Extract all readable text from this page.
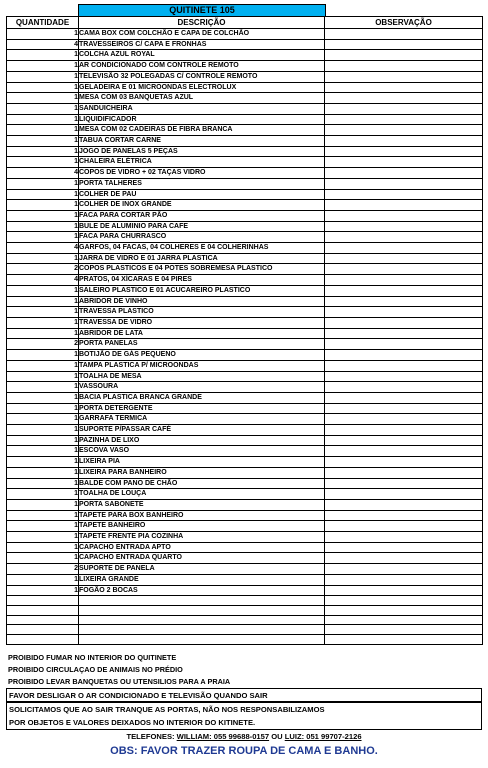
QUITINETE 105
QUANTIDADE	DESCRIÇÃO	OBSERVAÇÃO
1	CAMA BOX COM COLCHÃO E CAPA DE COLCHÃO	
4	TRAVESSEIROS C/ CAPA E FRONHAS	
1	COLCHA AZUL ROYAL	
1	AR CONDICIONADO COM CONTROLE REMOTO	
1	TELEVISÃO 32 POLEGADAS C/ CONTROLE REMOTO	
1	GELADEIRA E 01 MICROONDAS ELECTROLUX	
1	MESA COM 03 BANQUETAS AZUL	
1	SANDUICHEIRA	
1	LIQUIDIFICADOR	
1	MESA COM 02 CADEIRAS DE FIBRA BRANCA	
1	TABUA CORTAR CARNE	
1	JOGO DE PANELAS 5 PEÇAS	
1	CHALEIRA ELÉTRICA	
4	COPOS DE VIDRO + 02 TAÇAS VIDRO	
1	PORTA TALHERES	
1	COLHER DE PAU	
1	COLHER DE INOX GRANDE	
1	FACA PARA CORTAR PÃO	
1	BULE DE ALUMINIO PARA CAFE	
1	FACA PARA CHURRASCO	
4	GARFOS, 04 FACAS, 04 COLHERES E 04 COLHERINHAS	
1	JARRA DE VIDRO E 01 JARRA PLASTICA	
2	COPOS PLASTICOS E 04 POTES SOBREMESA PLASTICO	
4	PRATOS, 04 XÍCARAS E 04 PIRES	
1	SALEIRO PLASTICO E 01 ACUCAREIRO PLASTICO	
1	ABRIDOR DE VINHO	
1	TRAVESSA PLASTICO	
1	TRAVESSA DE VIDRO	
1	ABRIDOR DE LATA	
2	PORTA PANELAS	
1	BOTIJÃO DE GÁS PEQUENO	
1	TAMPA PLASTICA P/ MICROONDAS	
1	TOALHA DE MESA	
1	VASSOURA	
1	BACIA PLASTICA BRANCA GRANDE	
1	PORTA DETERGENTE	
1	GARRAFA TERMICA	
1	SUPORTE P/PASSAR CAFÉ	
1	PAZINHA DE LIXO	
1	ESCOVA VASO	
1	LIXEIRA PIA	
1	LIXEIRA PARA BANHEIRO	
1	BALDE COM PANO DE CHÃO	
1	TOALHA DE LOUÇA	
1	PORTA SABONETE	
1	TAPETE PARA BOX BANHEIRO	
1	TAPETE BANHEIRO	
1	TAPETE FRENTE PIA COZINHA	
1	CAPACHO ENTRADA APTO	
1	CAPACHO ENTRADA QUARTO	
2	SUPORTE DE PANELA	
1	LIXEIRA GRANDE	
1	FOGÃO 2 BOCAS	

PROIBIDO FUMAR NO INTERIOR DO QUITINETE
PROIBIDO CIRCULAÇAO DE ANIMAIS NO PRÉDIO
PROIBIDO LEVAR BANQUETAS OU UTENSILIOS PARA A PRAIA
FAVOR DESLIGAR O AR CONDICIONADO E TELEVISÃO QUANDO SAIR
SOLICITAMOS QUE AO SAIR TRANQUE AS PORTAS, NÃO NOS RESPONSABILIZAMOS
POR OBJETOS E VALORES DEIXADOS NO INTERIOR DO KITINETE.
TELEFONES: WILLIAM: 055 99688-0157 OU LUIZ: 051 99707-2126
OBS: FAVOR TRAZER ROUPA DE CAMA E BANHO.
